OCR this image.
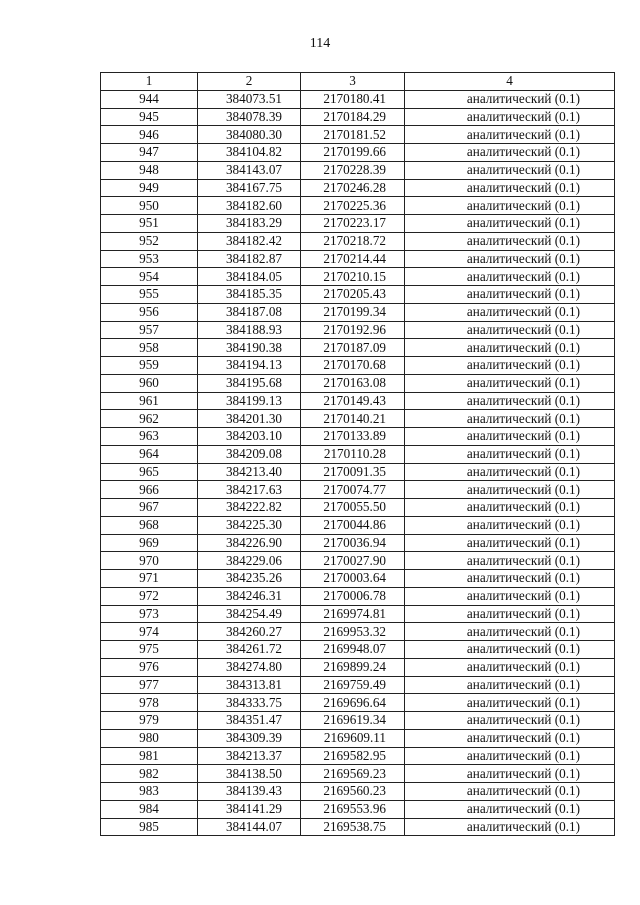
114
1	2	3	4
944	384073.51	2170180.41	аналитический (0.1)
945	384078.39	2170184.29	аналитический (0.1)
946	384080.30	2170181.52	аналитический (0.1)
947	384104.82	2170199.66	аналитический (0.1)
948	384143.07	2170228.39	аналитический (0.1)
949	384167.75	2170246.28	аналитический (0.1)
950	384182.60	2170225.36	аналитический (0.1)
951	384183.29	2170223.17	аналитический (0.1)
952	384182.42	2170218.72	аналитический (0.1)
953	384182.87	2170214.44	аналитический (0.1)
954	384184.05	2170210.15	аналитический (0.1)
955	384185.35	2170205.43	аналитический (0.1)
956	384187.08	2170199.34	аналитический (0.1)
957	384188.93	2170192.96	аналитический (0.1)
958	384190.38	2170187.09	аналитический (0.1)
959	384194.13	2170170.68	аналитический (0.1)
960	384195.68	2170163.08	аналитический (0.1)
961	384199.13	2170149.43	аналитический (0.1)
962	384201.30	2170140.21	аналитический (0.1)
963	384203.10	2170133.89	аналитический (0.1)
964	384209.08	2170110.28	аналитический (0.1)
965	384213.40	2170091.35	аналитический (0.1)
966	384217.63	2170074.77	аналитический (0.1)
967	384222.82	2170055.50	аналитический (0.1)
968	384225.30	2170044.86	аналитический (0.1)
969	384226.90	2170036.94	аналитический (0.1)
970	384229.06	2170027.90	аналитический (0.1)
971	384235.26	2170003.64	аналитический (0.1)
972	384246.31	2170006.78	аналитический (0.1)
973	384254.49	2169974.81	аналитический (0.1)
974	384260.27	2169953.32	аналитический (0.1)
975	384261.72	2169948.07	аналитический (0.1)
976	384274.80	2169899.24	аналитический (0.1)
977	384313.81	2169759.49	аналитический (0.1)
978	384333.75	2169696.64	аналитический (0.1)
979	384351.47	2169619.34	аналитический (0.1)
980	384309.39	2169609.11	аналитический (0.1)
981	384213.37	2169582.95	аналитический (0.1)
982	384138.50	2169569.23	аналитический (0.1)
983	384139.43	2169560.23	аналитический (0.1)
984	384141.29	2169553.96	аналитический (0.1)
985	384144.07	2169538.75	аналитический (0.1)
